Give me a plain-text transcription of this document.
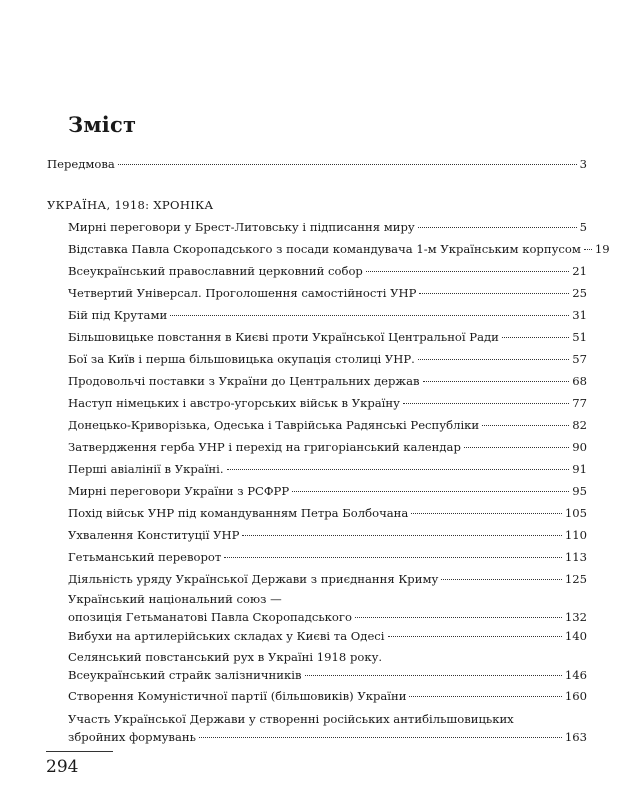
Зміст
Передмова	3
УКРАЇНА, 1918: ХРОНІКА
Мирні переговори у Брест-Литовську і підписання миру	5
Відставка Павла Скоропадського з посади командувача 1-м Українським корпусом 19
Всеукраїнський православний церковний собор	21
Четвертий Універсал. Проголошення самостійності УНР	25
Бій під Крутами	31
Більшовицьке повстання в Києві проти Української Центральної Ради	51
Бої за Київ і перша більшовицька окупація столиці УНР.	57
Продовольчі поставки з України до Центральних держав	68
Наступ німецьких і австро-угорських військ в Україну	77
Донецько-Криворізька, Одеська і Таврійська Радянські Республіки	82
Затвердження герба УНР і перехід на григоріанський календар	90
Перші авіалінії в Україні.	91
Мирні переговори України з РСФРР	95
Похід військ УНР під командуванням Петра Болбочана	105
Ухвалення Конституції УНР	110
Гетьманський переворот	113
Діяльність уряду Української Держави з приєднання Криму	125
Український національний союз —
опозиція Гетьманатові Павла Скоропадського	132
Вибухи на артилерійських складах у Києві та Одесі	140
Селянський повстанський рух в Україні 1918 року.
Всеукраїнський страйк залізничників	146
Створення Комуністичної партії (більшовиків) України	160
Участь Української Держави у створенні російських антибільшовицьких
збройних формувань	163
294
